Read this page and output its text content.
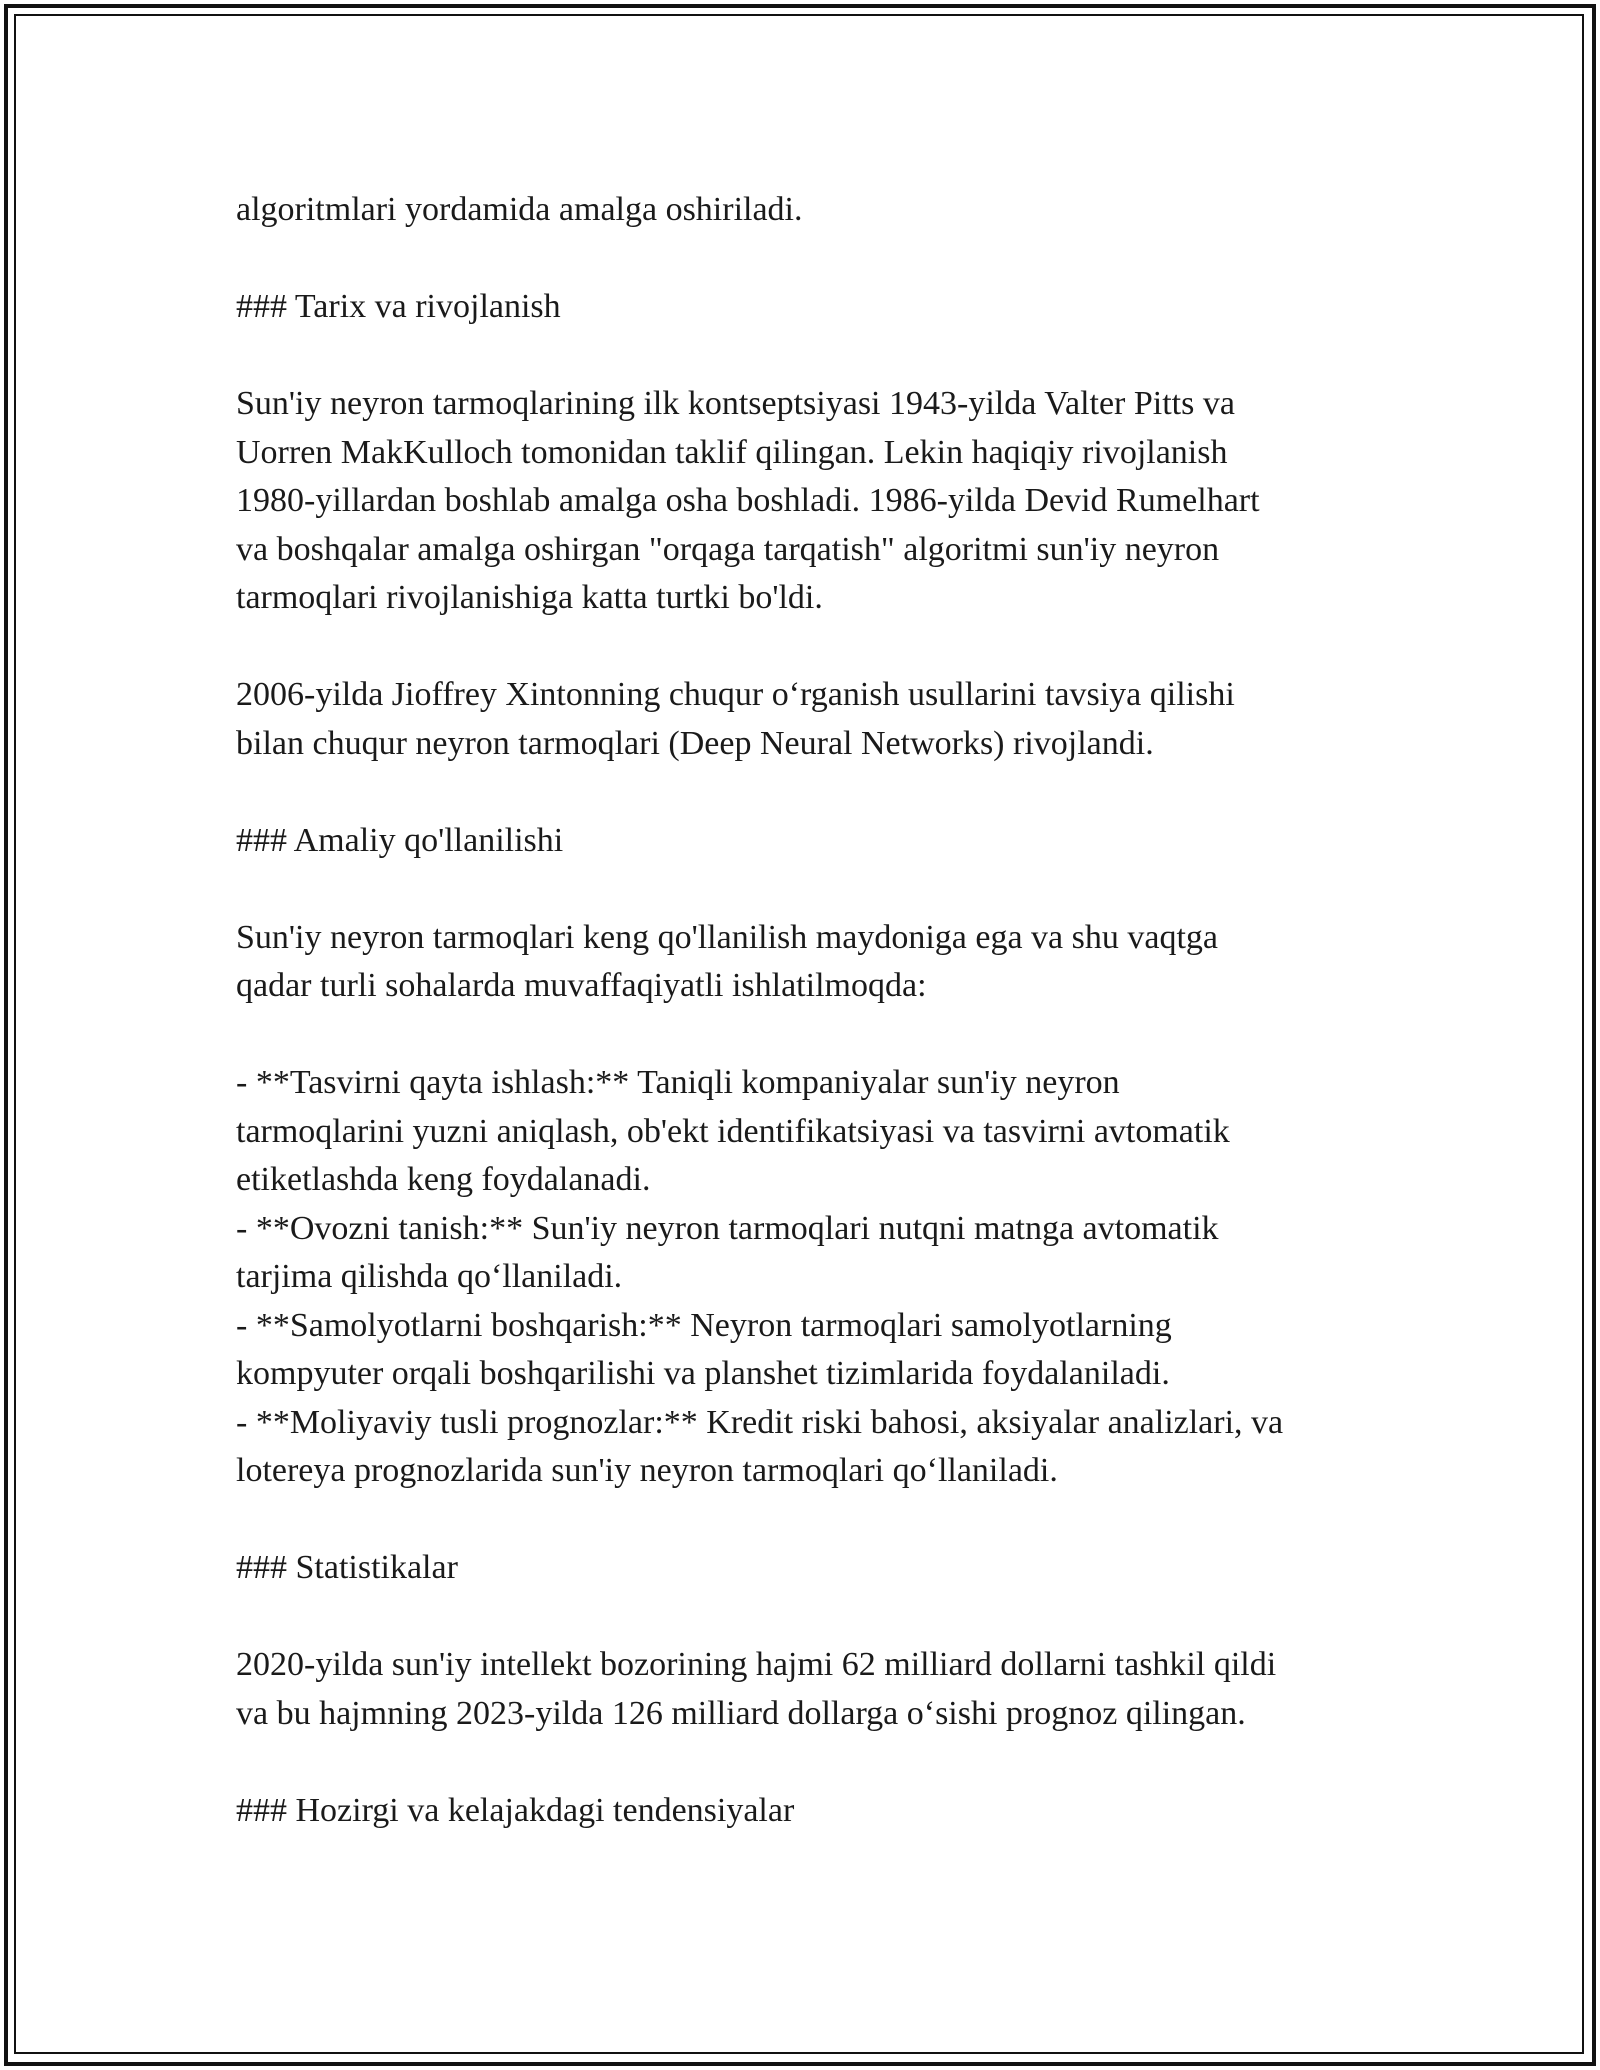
algoritmlari yordamida amalga oshiriladi.
### Tarix va rivojlanish
Sun'iy neyron tarmoqlarining ilk kontseptsiyasi 1943-yilda Valter Pitts va
Uorren MakKulloch tomonidan taklif qilingan. Lekin haqiqiy rivojlanish
1980-yillardan boshlab amalga osha boshladi. 1986-yilda Devid Rumelhart
va boshqalar amalga oshirgan "orqaga tarqatish" algoritmi sun'iy neyron
tarmoqlari rivojlanishiga katta turtki bo'ldi.
2006-yilda Jioffrey Xintonning chuqur o‘rganish usullarini tavsiya qilishi
bilan chuqur neyron tarmoqlari (Deep Neural Networks) rivojlandi.
### Amaliy qo'llanilishi
Sun'iy neyron tarmoqlari keng qo'llanilish maydoniga ega va shu vaqtga
qadar turli sohalarda muvaffaqiyatli ishlatilmoqda:
- **Tasvirni qayta ishlash:** Taniqli kompaniyalar sun'iy neyron
tarmoqlarini yuzni aniqlash, ob'ekt identifikatsiyasi va tasvirni avtomatik
etiketlashda keng foydalanadi.
- **Ovozni tanish:** Sun'iy neyron tarmoqlari nutqni matnga avtomatik
tarjima qilishda qo‘llaniladi.
- **Samolyotlarni boshqarish:** Neyron tarmoqlari samolyotlarning
kompyuter orqali boshqarilishi va planshet tizimlarida foydalaniladi.
- **Moliyaviy tusli prognozlar:** Kredit riski bahosi, aksiyalar analizlari, va
lotereya prognozlarida sun'iy neyron tarmoqlari qo‘llaniladi.
### Statistikalar
2020-yilda sun'iy intellekt bozorining hajmi 62 milliard dollarni tashkil qildi
va bu hajmning 2023-yilda 126 milliard dollarga o‘sishi prognoz qilingan.
### Hozirgi va kelajakdagi tendensiyalar
